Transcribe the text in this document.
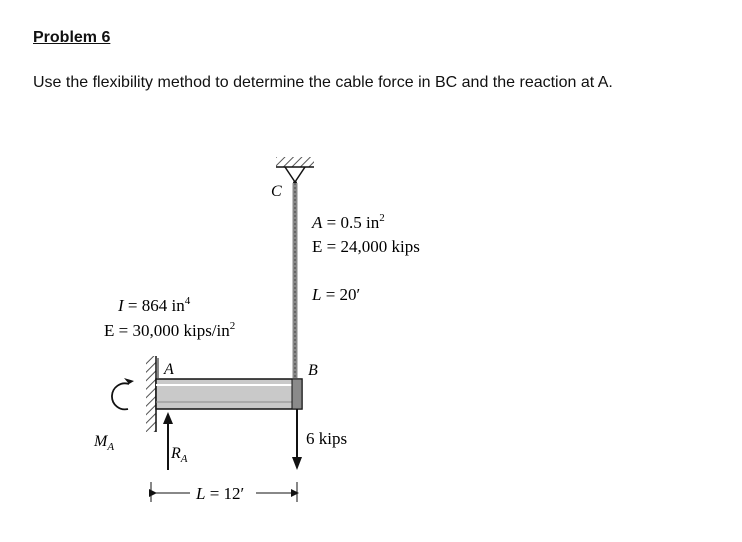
Problem 6
Use the flexibility method to determine the cable force in BC and the reaction at A.
C
A = 0.5 $in^2$
E = 24,000 kips
L = 20′
I = 864 $in^4$
E = 30,000 kips/$in^2$
A	B
$M_A$	$R_A$
6 kips
L = 12′
